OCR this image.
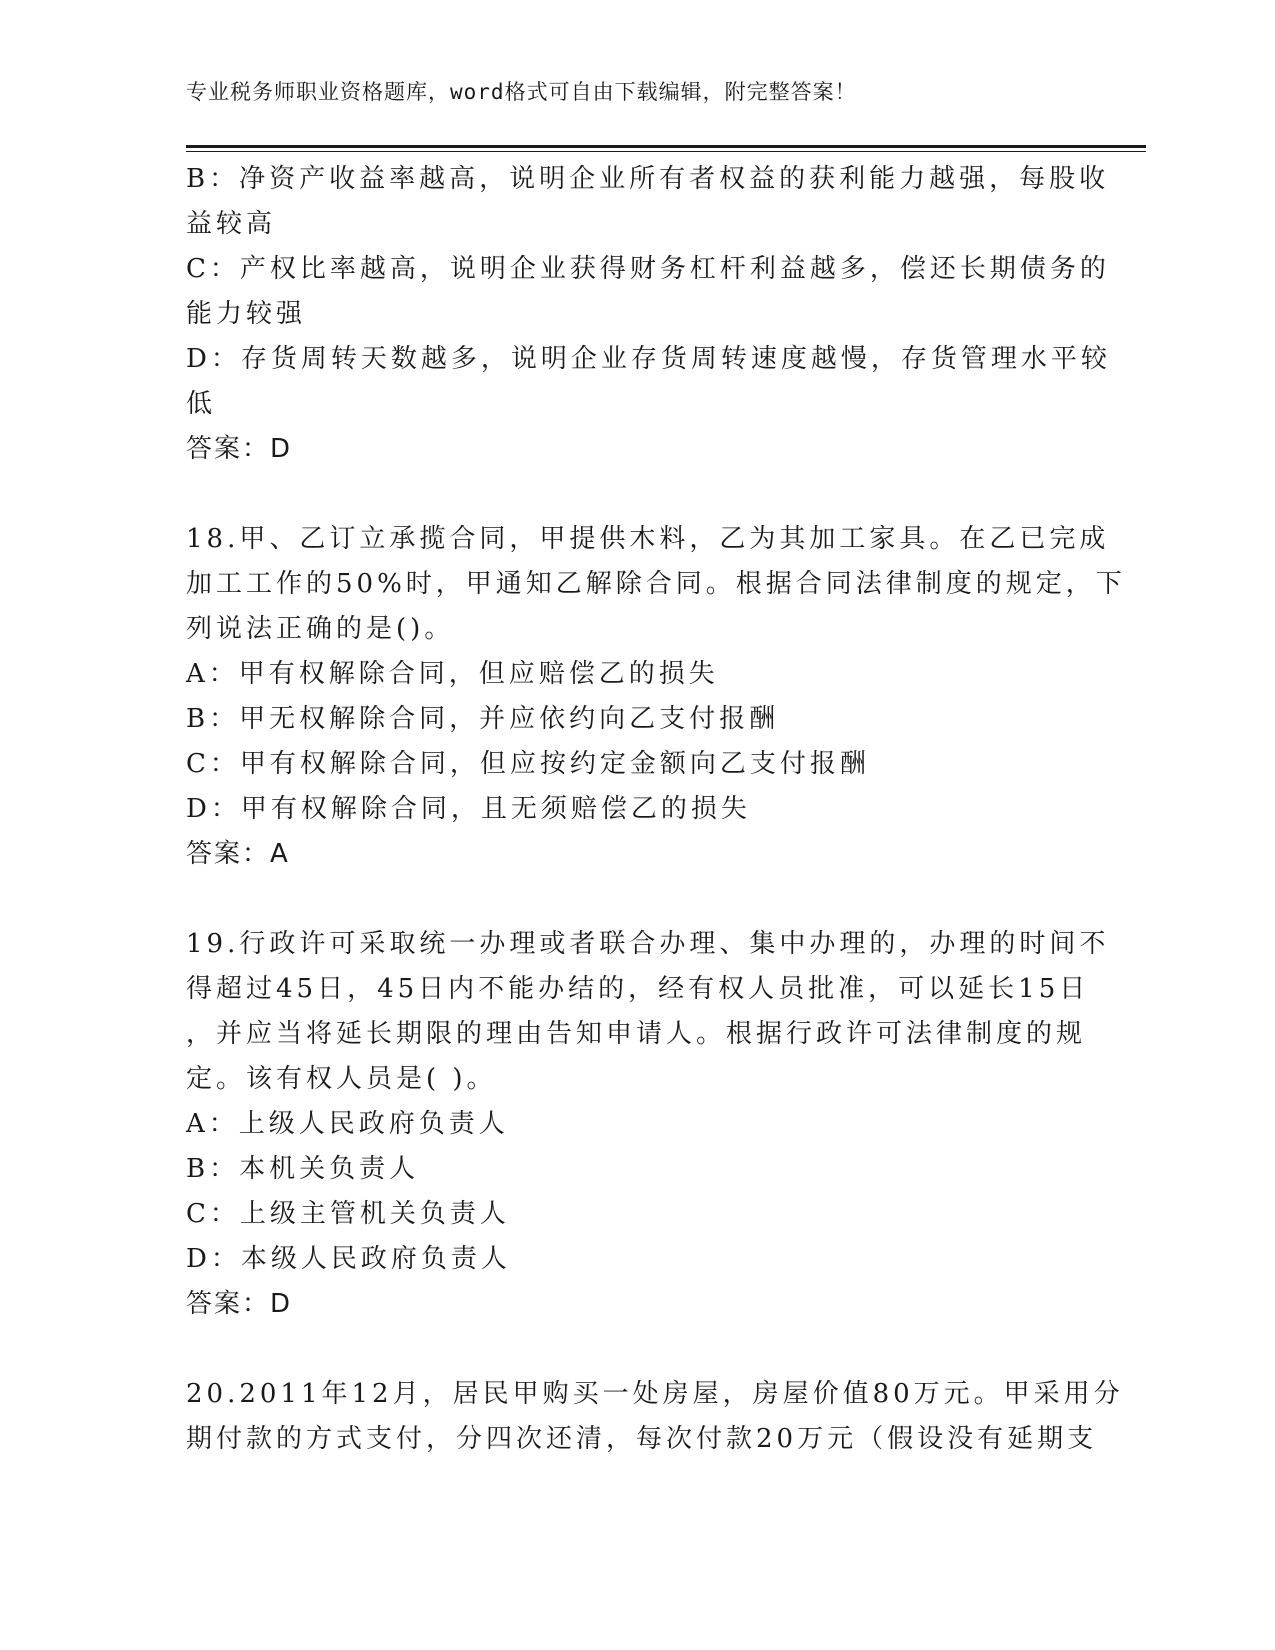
专业税务师职业资格题库，word格式可自由下载编辑，附完整答案！
B：净资产收益率越高，说明企业所有者权益的获利能力越强，每股收
益较高
C：产权比率越高，说明企业获得财务杠杆利益越多，偿还长期债务的
能力较强
D：存货周转天数越多，说明企业存货周转速度越慢，存货管理水平较
低
答案：D
18.甲、乙订立承揽合同，甲提供木料，乙为其加工家具。在乙已完成
加工工作的50%时，甲通知乙解除合同。根据合同法律制度的规定，下
列说法正确的是()。
A：甲有权解除合同，但应赔偿乙的损失
B：甲无权解除合同，并应依约向乙支付报酬
C：甲有权解除合同，但应按约定金额向乙支付报酬
D：甲有权解除合同，且无须赔偿乙的损失
答案：A
19.行政许可采取统一办理或者联合办理、集中办理的，办理的时间不
得超过45日，45日内不能办结的，经有权人员批准，可以延长15日
，并应当将延长期限的理由告知申请人。根据行政许可法律制度的规
定。该有权人员是( )。
A：上级人民政府负责人
B：本机关负责人
C：上级主管机关负责人
D：本级人民政府负责人
答案：D
20.2011年12月，居民甲购买一处房屋，房屋价值80万元。甲采用分
期付款的方式支付，分四次还清，每次付款20万元（假设没有延期支
